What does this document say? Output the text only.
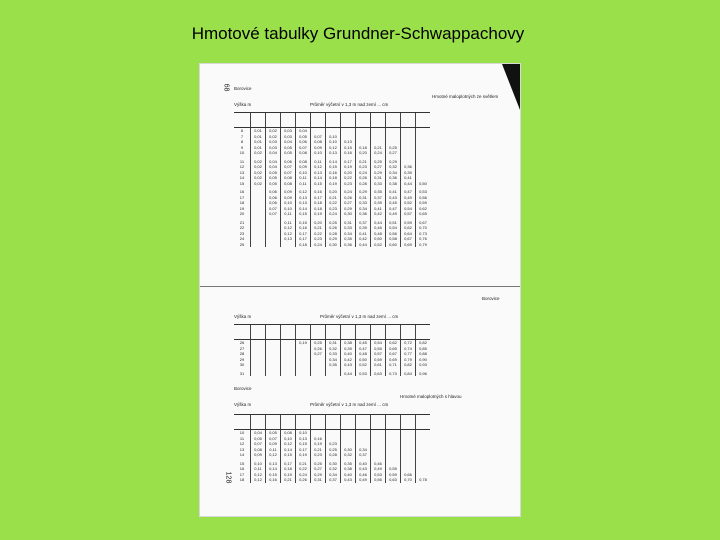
Hmotové tabulky Grundner-Schwappachovy
68
128
Borovice
Hmotné maloplotných ze světlem
Průměr výčetní v 1,3 m nad zemí ... cm
Výška m

6	0,01	0,02	0,03	0,04								
7	0,01	0,02	0,03	0,05	0,07	0,10						
8	0,01	0,03	0,04	0,06	0,08	0,10	0,13					
9	0,01	0,03	0,05	0,07	0,09	0,12	0,15	0,18	0,21	0,25		
10	0,02	0,04	0,05	0,08	0,10	0,13	0,16	0,20	0,24	0,27		

11	0,02	0,04	0,06	0,08	0,11	0,14	0,17	0,21	0,25	0,29		
12	0,02	0,04	0,07	0,09	0,12	0,15	0,19	0,23	0,27	0,32	0,36	
13	0,02	0,05	0,07	0,10	0,13	0,16	0,20	0,24	0,29	0,34	0,39	
14	0,02	0,05	0,08	0,11	0,14	0,18	0,22	0,26	0,31	0,36	0,41	
15	0,02	0,05	0,08	0,11	0,15	0,19	0,23	0,28	0,33	0,38	0,44	0,50

16		0,06	0,09	0,12	0,16	0,20	0,24	0,29	0,35	0,41	0,47	0,53
17		0,06	0,09	0,13	0,17	0,21	0,26	0,31	0,37	0,43	0,49	0,56
18		0,06	0,10	0,13	0,18	0,22	0,27	0,33	0,39	0,45	0,52	0,59
19		0,07	0,10	0,14	0,18	0,23	0,29	0,34	0,41	0,47	0,54	0,62
20		0,07	0,11	0,15	0,19	0,24	0,30	0,36	0,42	0,49	0,57	0,65

21			0,11	0,15	0,20	0,25	0,31	0,37	0,44	0,51	0,59	0,67
22			0,12	0,16	0,21	0,26	0,33	0,39	0,46	0,54	0,62	0,70
23			0,12	0,17	0,22	0,28	0,34	0,41	0,48	0,56	0,64	0,73
24			0,13	0,17	0,23	0,29	0,35	0,42	0,50	0,58	0,67	0,76
25				0,18	0,24	0,30	0,36	0,44	0,52	0,60	0,69	0,79
Borovice
Průměr výčetní v 1,3 m nad zemí ... cm
Výška m

26				0,19	0,25	0,31	0,38	0,45	0,54	0,62	0,72	0,82
27					0,26	0,32	0,39	0,47	0,55	0,65	0,74	0,85
28					0,27	0,33	0,40	0,48	0,57	0,67	0,77	0,88
29						0,34	0,42	0,50	0,59	0,69	0,79	0,90
30						0,35	0,43	0,52	0,61	0,71	0,82	0,93

31							0,44	0,53	0,63	0,73	0,84	0,96
Borovice
Hmotné maloplotných s hlavou
Průměr výčetní v 1,3 m nad zemí ... cm
Výška m

10	0,04	0,05	0,08	0,10								
11	0,05	0,07	0,10	0,13	0,16							
12	0,07	0,09	0,12	0,15	0,19	0,23						
13	0,08	0,11	0,14	0,17	0,21	0,25	0,30	0,34				
14	0,09	0,12	0,15	0,19	0,23	0,28	0,32	0,37				

15	0,10	0,13	0,17	0,21	0,25	0,30	0,35	0,40	0,46			
16	0,11	0,14	0,18	0,22	0,27	0,32	0,38	0,43	0,49	0,55		
17	0,12	0,15	0,19	0,24	0,29	0,34	0,40	0,46	0,53	0,59	0,66	
18	0,12	0,16	0,21	0,26	0,31	0,37	0,43	0,49	0,56	0,63	0,70	0,78
